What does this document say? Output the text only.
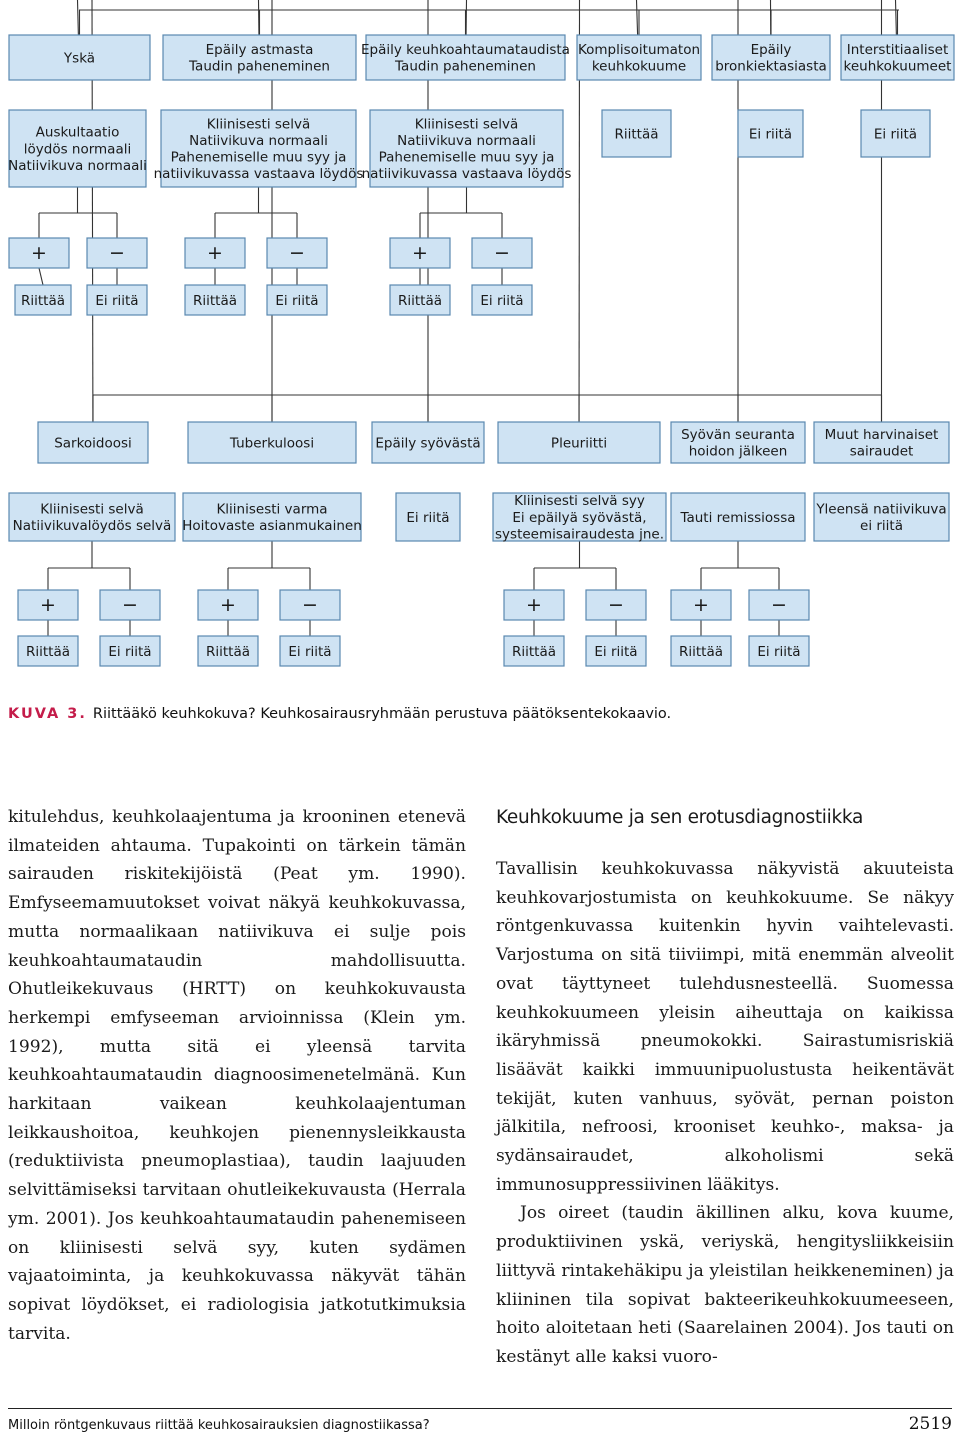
Yskä
Epäily astmasta
Taudin paheneminen
Epäily keuhkoahtaumataudista
Taudin paheneminen
Komplisoitumaton
keuhkokuume
Epäily
bronkiektasiasta
Interstitiaaliset
keuhkokuumeet
Auskultaatio
löydös normaali
Natiivikuva normaali
Kliinisesti selvä
Natiivikuva normaali
Pahenemiselle muu syy ja
natiivikuvassa vastaava löydös
Kliinisesti selvä
Natiivikuva normaali
Pahenemiselle muu syy ja
natiivikuvassa vastaava löydös
Riittää	Ei riitä	Ei riitä
+	−	+	−	+	−
Riittää Ei riitä	Riittää	Ei riitä	Riittää	Ei riitä
Sarkoidoosi	Tuberkuloosi	Epäily syövästä	Pleuriitti
Syövän seuranta
hoidon jälkeen
Muut harvinaiset
sairaudet
Kliinisesti selvä
Natiivikuvalöydös selvä
Kliinisesti varma
Hoitovaste asianmukainen
Ei riitä
Kliinisesti selvä syy
Ei epäilyä syövästä,
systeemisairaudesta jne.
Tauti remissiossa
Yleensä natiivikuva
ei riitä
+	−	+	−	+	−	+	−
Riittää	Ei riitä	Riittää	Ei riitä	Riittää	Ei riitä	Riittää	Ei riitä
KUVA 3. Riittääkö keuhkokuva? Keuhkosairausryhmään perustuva päätöksentekokaavio.

kitulehdus, keuhkolaajentuma ja krooninen etenevä ilmateiden ahtauma. Tupakointi on tärkein tämän sairauden riskitekijöistä (Peat ym. 1990). Emfyseemamuutokset voivat näkyä keuhkokuvassa, mutta normaalikaan natiivikuva ei sulje pois keuhkoahtaumataudin mahdollisuutta. Ohutleikekuvaus (HRTT) on keuhkokuvausta herkempi emfyseeman arvioinnissa (Klein ym. 1992), mutta sitä ei yleensä tarvita keuhkoahtaumataudin diagnoosimenetelmänä. Kun harkitaan vaikean keuhkolaajentuman leikkaushoitoa, keuhkojen pienennysleikkausta (reduktiivista pneumoplastiaa), taudin laajuuden selvittämiseksi tarvitaan ohutleikekuvausta (Herrala ym. 2001). Jos keuhkoahtaumataudin pahenemiseen on kliinisesti selvä syy, kuten sydämen vajaatoiminta, ja keuhkokuvassa näkyvät tähän sopivat löydökset, ei radiologisia jatkotutkimuksia tarvita.

Keuhkokuume ja sen erotusdiagnostiikka

Tavallisin keuhkokuvassa näkyvistä akuuteista keuhkovarjostumista on keuhkokuume. Se näkyy röntgenkuvassa kuitenkin hyvin vaihtelevasti. Varjostuma on sitä tiiviimpi, mitä enemmän alveolit ovat täyttyneet tulehdusnesteellä. Suomessa keuhkokuumeen yleisin aiheuttaja on kaikissa ikäryhmissä pneumokokki. Sairastumisriskiä lisäävät kaikki immuunipuolustusta heikentävät tekijät, kuten vanhuus, syövät, pernan poiston jälkitila, nefroosi, krooniset keuhko-, maksa- ja sydänsairaudet, alkoholismi sekä immunosuppressiivinen lääkitys.

Jos oireet (taudin äkillinen alku, kova kuume, produktiivinen yskä, veriyskä, hengitysliikkeisiin liittyvä rintakehäkipu ja yleistilan heikkeneminen) ja kliininen tila sopivat bakteerikeuhkokuumeeseen, hoito aloitetaan heti (Saarelainen 2004). Jos tauti on kestänyt alle kaksi vuoro-

Milloin röntgenkuvaus riittää keuhkosairauksien diagnostiikassa?	2519
